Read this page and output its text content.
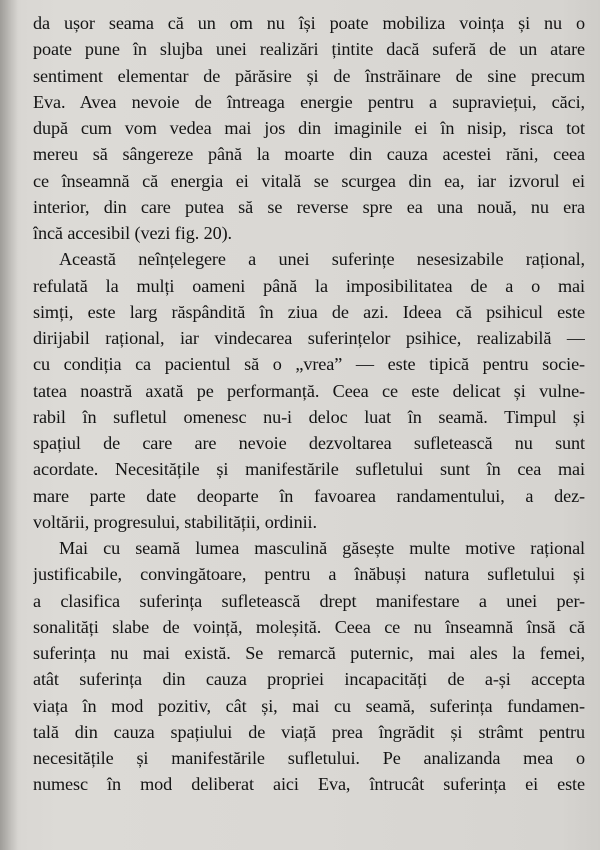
da ușor seama că un om nu își poate mobiliza voința și nu o
poate pune în slujba unei realizări țintite dacă suferă de un atare
sentiment elementar de părăsire și de înstrăinare de sine precum
Eva. Avea nevoie de întreaga energie pentru a supraviețui, căci,
după cum vom vedea mai jos din imaginile ei în nisip, risca tot
mereu să sângereze până la moarte din cauza acestei răni, ceea
ce înseamnă că energia ei vitală se scurgea din ea, iar izvorul ei
interior, din care putea să se reverse spre ea una nouă, nu era
încă accesibil (vezi fig. 20).
Această neînțelegere a unei suferințe nesesizabile rațional,
refulată la mulți oameni până la imposibilitatea de a o mai
simți, este larg răspândită în ziua de azi. Ideea că psihicul este
dirijabil rațional, iar vindecarea suferințelor psihice, realizabilă —
cu condiția ca pacientul să o „vrea” — este tipică pentru socie-
tatea noastră axată pe performanță. Ceea ce este delicat și vulne-
rabil în sufletul omenesc nu-i deloc luat în seamă. Timpul și
spațiul de care are nevoie dezvoltarea sufletească nu sunt
acordate. Necesitățile și manifestările sufletului sunt în cea mai
mare parte date deoparte în favoarea randamentului, a dez-
voltării, progresului, stabilității, ordinii.
Mai cu seamă lumea masculină găsește multe motive rațional
justificabile, convingătoare, pentru a înăbuși natura sufletului și
a clasifica suferința sufletească drept manifestare a unei per-
sonalități slabe de voință, moleșită. Ceea ce nu înseamnă însă că
suferința nu mai există. Se remarcă puternic, mai ales la femei,
atât suferința din cauza propriei incapacități de a-și accepta
viața în mod pozitiv, cât și, mai cu seamă, suferința fundamen-
tală din cauza spațiului de viață prea îngrădit și strâmt pentru
necesitățile și manifestările sufletului. Pe analizanda mea o
numesc în mod deliberat aici Eva, întrucât suferința ei este
